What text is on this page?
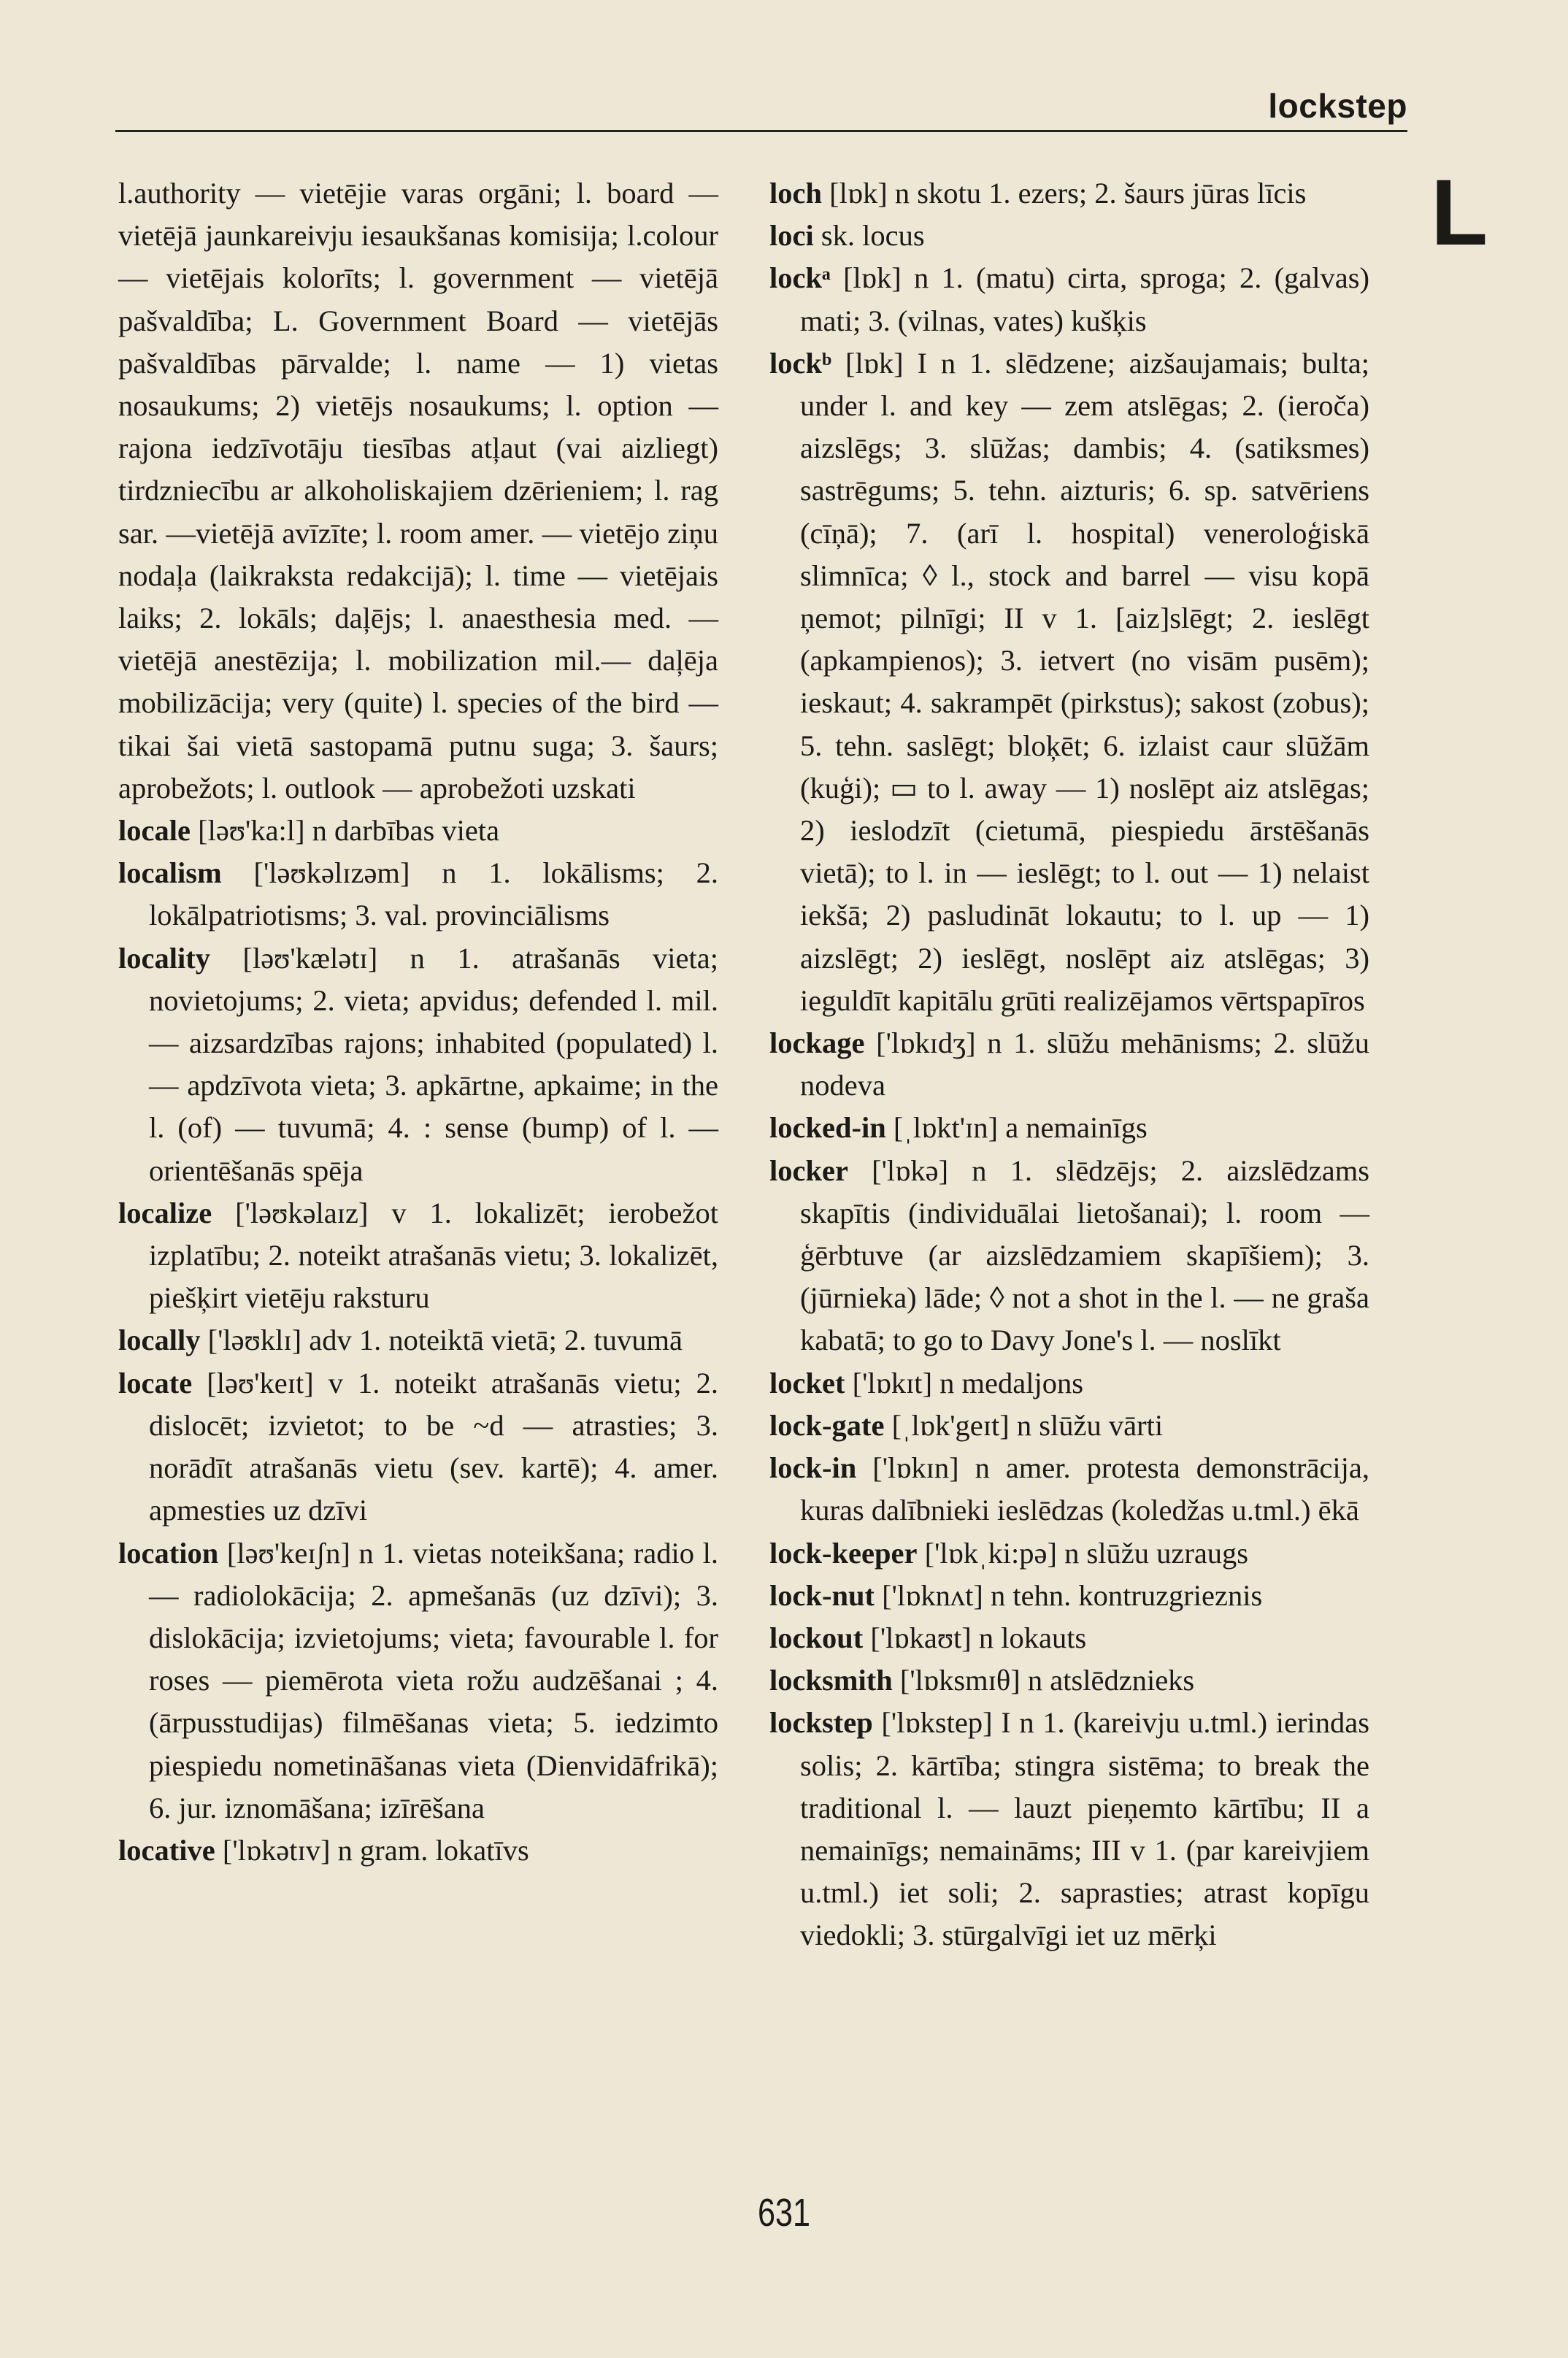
lockstep
L

l.authority — vietējie varas orgāni; l. board —vietējā jaunkareivju iesaukšanas komisija; l.colour — vietējais kolorīts; l. government — vietējā pašvaldība; L. Government Board — vietējās pašvaldības pārvalde; l. name — 1) vietas nosaukums; 2) vietējs nosaukums; l. option — rajona iedzīvotāju tiesības atļaut (vai aizliegt) tirdzniecību ar alkoholiskajiem dzērieniem; l. rag sar. —vietējā avīzīte; l. room amer. — vietējo ziņu nodaļa (laikraksta redakcijā); l. time — vietējais laiks; 2. lokāls; daļējs; l. anaesthesia med. — vietējā anestēzija; l. mobilization mil.— daļēja mobilizācija; very (quite) l. species of the bird — tikai šai vietā sastopamā putnu suga; 3. šaurs; aprobežots; l. outlook — aprobežoti uzskati

locale [ləʊ'ka:l] n darbības vieta

localism ['ləʊkəlɪzəm] n 1. lokālisms; 2. lokālpatriotisms; 3. val. provinciālisms

locality [ləʊ'kælətɪ] n 1. atrašanās vieta; novietojums; 2. vieta; apvidus; defended l. mil. — aizsardzības rajons; inhabited (populated) l. — apdzīvota vieta; 3. apkārtne, apkaime; in the l. (of) — tuvumā; 4. : sense (bump) of l. — orientēšanās spēja

localize ['ləʊkəlaɪz] v 1. lokalizēt; ierobežot izplatību; 2. noteikt atrašanās vietu; 3. lokalizēt, piešķirt vietēju raksturu

locally ['ləʊklɪ] adv 1. noteiktā vietā; 2. tuvumā

locate [ləʊ'keɪt] v 1. noteikt atrašanās vietu; 2. dislocēt; izvietot; to be ~d — atrasties; 3. norādīt atrašanās vietu (sev. kartē); 4. amer. apmesties uz dzīvi

location [ləʊ'keɪʃn] n 1. vietas noteikšana; radio l. — radiolokācija; 2. apmešanās (uz dzīvi); 3. dislokācija; izvietojums; vieta; favourable l. for roses — piemērota vieta rožu audzēšanai ; 4. (ārpusstudijas) filmēšanas vieta; 5. iedzimto piespiedu nometināšanas vieta (Dienvidāfrikā); 6. jur. iznomāšana; izīrēšana

locative ['lɒkətɪv] n gram. lokatīvs

loch [lɒk] n skotu 1. ezers; 2. šaurs jūras līcis

loci sk. locus

lockᵃ [lɒk] n 1. (matu) cirta, sproga; 2. (galvas) mati; 3. (vilnas, vates) kušķis

lockᵇ [lɒk] I n 1. slēdzene; aizšaujamais; bulta; under l. and key — zem atslēgas; 2. (ieroča) aizslēgs; 3. slūžas; dambis; 4. (satiksmes) sastrēgums; 5. tehn. aizturis; 6. sp. satvēriens (cīņā); 7. (arī l. hospital) veneroloģiskā slimnīca; ◊ l., stock and barrel — visu kopā ņemot; pilnīgi; II v 1. [aiz]slēgt; 2. ieslēgt (apkampienos); 3. ietvert (no visām pusēm); ieskaut; 4. sakrampēt (pirkstus); sakost (zobus); 5. tehn. saslēgt; bloķēt; 6. izlaist caur slūžām (kuģi); ▭ to l. away — 1) noslēpt aiz atslēgas; 2) ieslodzīt (cietumā, piespiedu ārstēšanās vietā); to l. in — ieslēgt; to l. out — 1) nelaist iekšā; 2) pasludināt lokautu; to l. up — 1) aizslēgt; 2) ieslēgt, noslēpt aiz atslēgas; 3) ieguldīt kapitālu grūti realizējamos vērtspapīros

lockage ['lɒkɪdʒ] n 1. slūžu mehānisms; 2. slūžu nodeva

locked-in [ˌlɒkt'ɪn] a nemainīgs

locker ['lɒkə] n 1. slēdzējs; 2. aizslēdzams skapītis (individuālai lietošanai); l. room — ģērbtuve (ar aizslēdzamiem skapīšiem); 3. (jūrnieka) lāde; ◊ not a shot in the l. — ne graša kabatā; to go to Davy Jone's l. — noslīkt

locket ['lɒkɪt] n medaljons

lock-gate [ˌlɒk'geɪt] n slūžu vārti

lock-in ['lɒkɪn] n amer. protesta demonstrācija, kuras dalībnieki ieslēdzas (koledžas u.tml.) ēkā

lock-keeper ['lɒkˌki:pə] n slūžu uzraugs

lock-nut ['lɒknʌt] n tehn. kontruzgrieznis

lockout ['lɒkaʊt] n lokauts

locksmith ['lɒksmɪθ] n atslēdznieks

lockstep ['lɒkstep] I n 1. (kareivju u.tml.) ierindas solis; 2. kārtība; stingra sistēma; to break the traditional l. — lauzt pieņemto kārtību; II a nemainīgs; nemaināms; III v 1. (par kareivjiem u.tml.) iet soli; 2. saprasties; atrast kopīgu viedokli; 3. stūrgalvīgi iet uz mērķi

631
